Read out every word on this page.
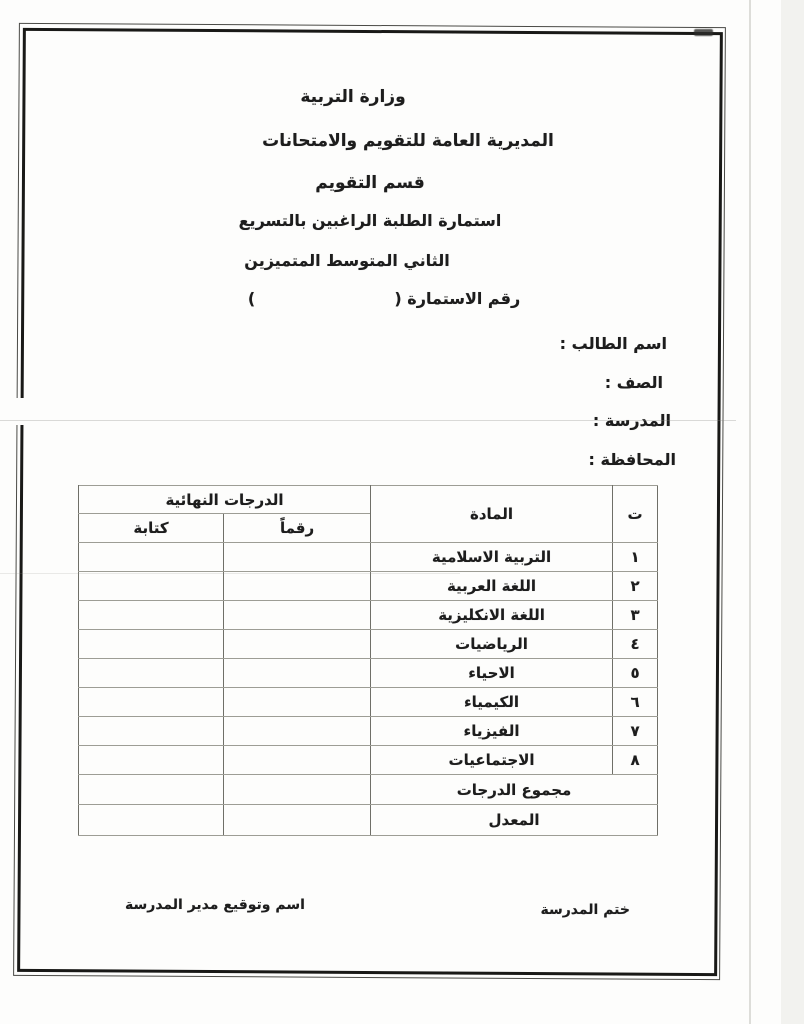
وزارة التربية
المديرية العامة للتقويم والامتحانات
قسم التقويم
استمارة الطلبة الراغبين بالتسريع
الثاني المتوسط المتميزين
رقم الاستمارة (                         )
اسم الطالب :
الصف :
المدرسة :
المحافظة :
ت	المادة	الدرجات النهائية	
		رقماً	كتابة
١	التربية الاسلامية		
٢	اللغة العربية		
٣	اللغة الانكليزية		
٤	الرياضيات		
٥	الاحياء		
٦	الكيمياء		
٧	الفيزياء		
٨	الاجتماعيات		
مجموع الدرجات			
المعدل			
ختم المدرسة
اسم وتوقيع مدير المدرسة
